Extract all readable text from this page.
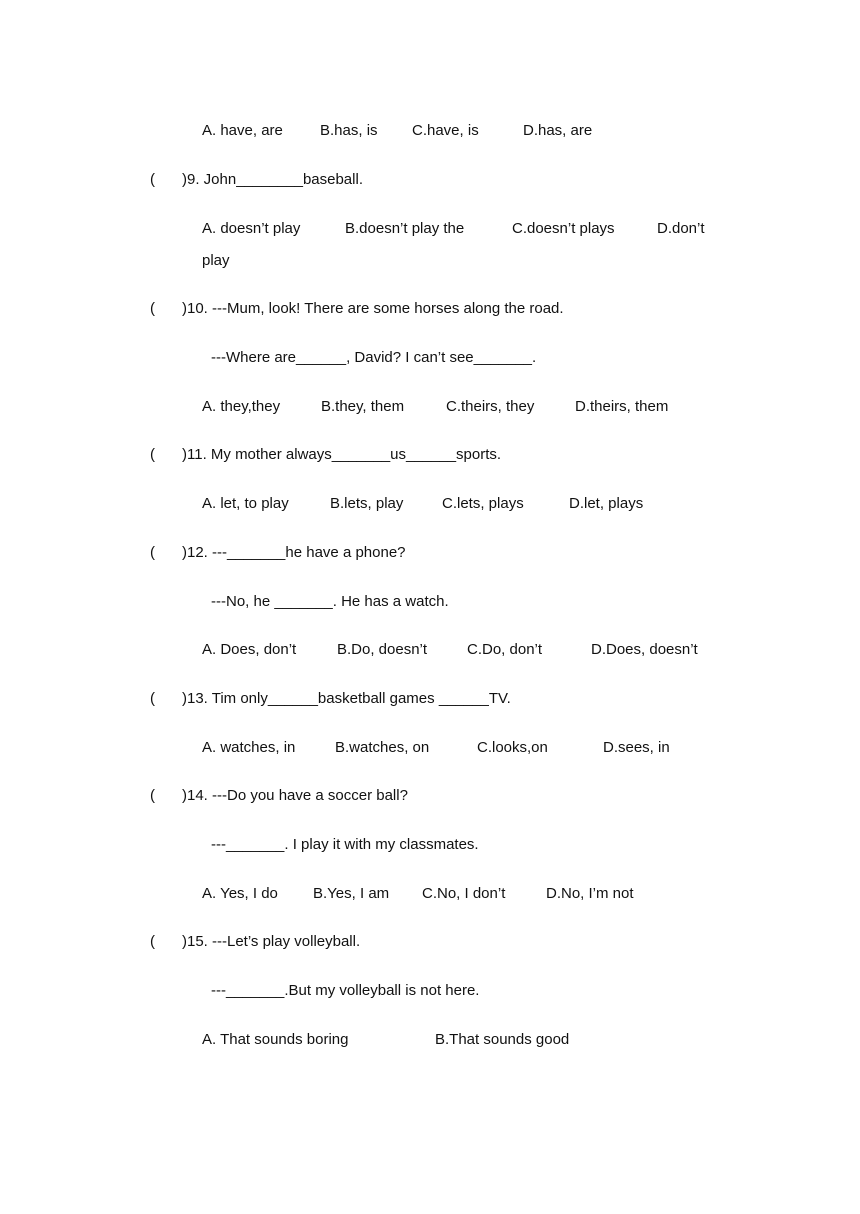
A. have, are B.has, is C.have, is	D.has, are
( )9. John________baseball.
A. doesn’t play	B.doesn’t play the	C.doesn’t plays	D.don’t
play
( )10. ---Mum, look! There are some horses along the road.
---Where are______, David? I can’t see_______.
A. they,they	B.they, them	C.theirs, they	D.theirs, them
( )11. My mother always_______us______sports.
A. let, to play	B.lets, play	C.lets, plays	D.let, plays
( )12. ---_______he have a phone?
---No, he _______. He has a watch.
A. Does, don’t	B.Do, doesn’t	C.Do, don’t	D.Does, doesn’t
( )13. Tim only______basketball games ______TV.
A. watches, in	B.watches, on	C.looks,on	D.sees, in
( )14. ---Do you have a soccer ball?
---_______. I play it with my classmates.
A. Yes, I do B.Yes, I am C.No, I don’t	D.No, I’m not
( )15. ---Let’s play volleyball.
---_______.But my volleyball is not here.
A. That sounds boring	B.That sounds good
